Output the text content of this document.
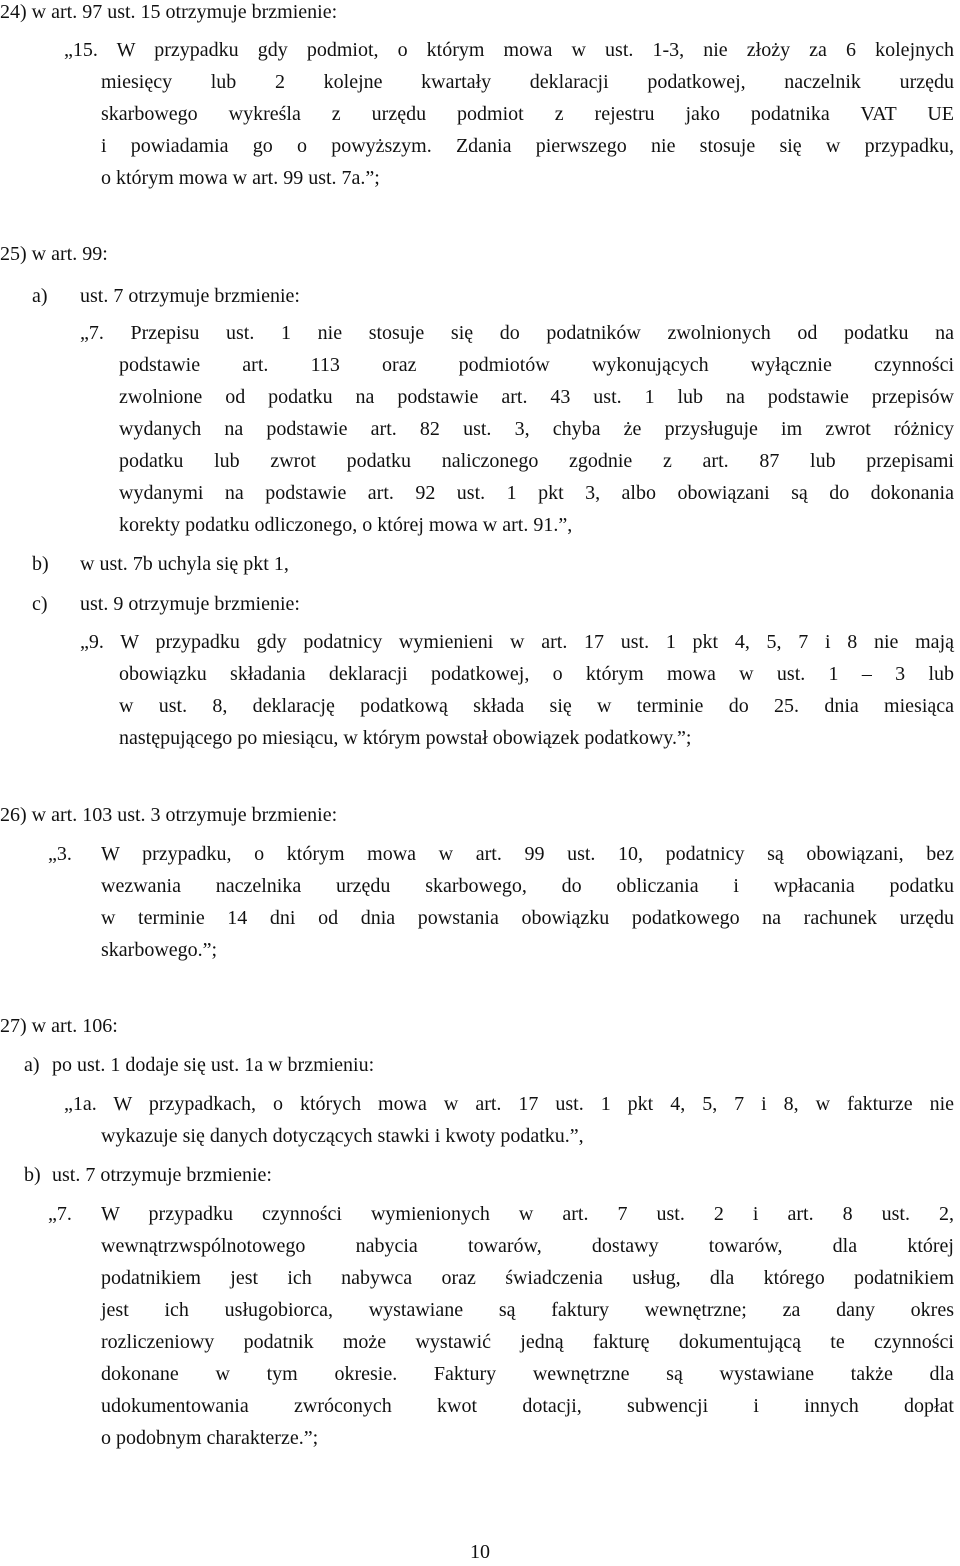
24) w art. 97 ust. 15 otrzymuje brzmienie:
„15. W przypadku gdy podmiot, o którym mowa w ust. 1-3, nie złoży za 6 kolejnych
miesięcy lub 2 kolejne kwartały deklaracji podatkowej, naczelnik urzędu
skarbowego wykreśla z urzędu podmiot z rejestru jako podatnika VAT UE
i powiadamia go o powyższym. Zdania pierwszego nie stosuje się w przypadku,
o którym mowa w art. 99 ust. 7a.”;
25) w art. 99:
a) ust. 7 otrzymuje brzmienie:
„7. Przepisu ust. 1 nie stosuje się do podatników zwolnionych od podatku na
podstawie art. 113 oraz podmiotów wykonujących wyłącznie czynności
zwolnione od podatku na podstawie art. 43 ust. 1 lub na podstawie przepisów
wydanych na podstawie art. 82 ust. 3, chyba że przysługuje im zwrot różnicy
podatku lub zwrot podatku naliczonego zgodnie z art. 87 lub przepisami
wydanymi na podstawie art. 92 ust. 1 pkt 3, albo obowiązani są do dokonania
korekty podatku odliczonego, o której mowa w art. 91.”,
b) w ust. 7b uchyla się pkt 1,
c) ust. 9 otrzymuje brzmienie:
„9. W przypadku gdy podatnicy wymienieni w art. 17 ust. 1 pkt 4, 5, 7 i 8 nie mają
obowiązku składania deklaracji podatkowej, o którym mowa w ust. 1 – 3 lub
w ust. 8, deklarację podatkową składa się w terminie do 25. dnia miesiąca
następującego po miesiącu, w którym powstał obowiązek podatkowy.”;
26) w art. 103 ust. 3 otrzymuje brzmienie:
„3. W przypadku, o którym mowa w art. 99 ust. 10, podatnicy są obowiązani, bez
wezwania naczelnika urzędu skarbowego, do obliczania i wpłacania podatku
w terminie 14 dni od dnia powstania obowiązku podatkowego na rachunek urzędu
skarbowego.”;
27) w art. 106:
a) po ust. 1 dodaje się ust. 1a w brzmieniu:
„1a. W przypadkach, o których mowa w art. 17 ust. 1 pkt 4, 5, 7 i 8, w fakturze nie
wykazuje się danych dotyczących stawki i kwoty podatku.”,
b) ust. 7 otrzymuje brzmienie:
„7. W przypadku czynności wymienionych w art. 7 ust. 2 i art. 8 ust. 2,
wewnątrzwspólnotowego nabycia towarów, dostawy towarów, dla której
podatnikiem jest ich nabywca oraz świadczenia usług, dla którego podatnikiem
jest ich usługobiorca, wystawiane są faktury wewnętrzne; za dany okres
rozliczeniowy podatnik może wystawić jedną fakturę dokumentującą te czynności
dokonane w tym okresie. Faktury wewnętrzne są wystawiane także dla
udokumentowania zwróconych kwot dotacji, subwencji i innych dopłat
o podobnym charakterze.”;
10
